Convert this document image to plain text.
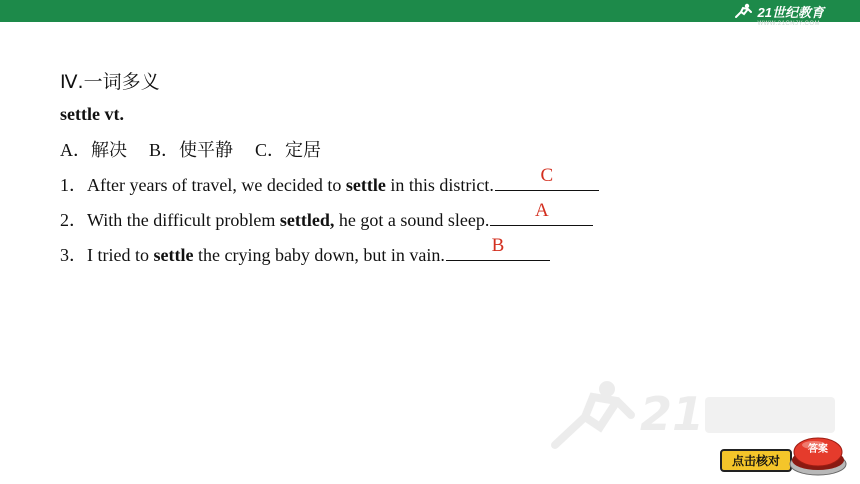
21世纪教育
WWW.21CNJY.COM
Ⅳ.一词多义
settle vt.
A．解决 B．使平静 C．定居
1．After years of travel, we decided to settle in this district.	C
2．With the difficult problem settled, he got a sound sleep.	A
3．I tried to settle the crying baby down, but in vain.	B
21
点击核对
答案
